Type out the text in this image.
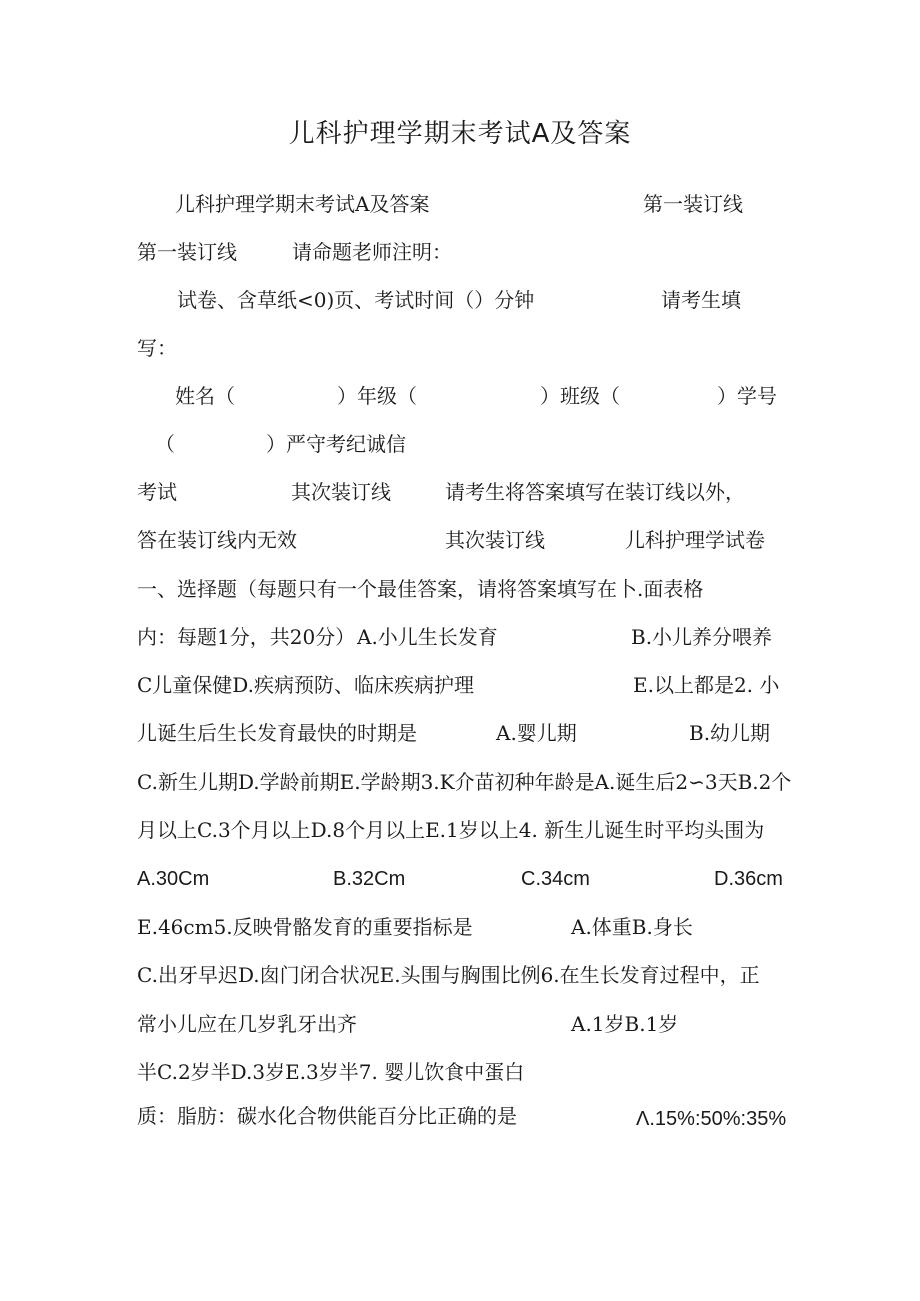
儿科护理学期末考试A及答案
儿科护理学期末考试A及答案	第一装订线
第一装订线	请命题老师注明：
试卷、含草纸<0)页、考试时间（）分钟	请考生填
写：
姓名（	）年级（	）班级（	）学号
（	）严守考纪诚信
考试	其次装订线	请考生将答案填写在装订线以外，
答在装订线内无效	其次装订线	儿科护理学试卷
一、选择题（每题只有一个最佳答案，请将答案填写在卜.面表格
内：每题1分，共20分） A.小儿生长发育	B.小儿养分喂养
C儿童保健D.疾病预防、临床疾病护理	E.以上都是2. 小
儿诞生后生长发育最快的时期是	A.婴儿期	B.幼儿期
C.新生儿期D.学龄前期E.学龄期3.K介苗初种年龄是A.诞生后2∽3天B.2个
月以上C.3个月以上D.8个月以上E.1岁以上4. 新生儿诞生时平均头围为
A.30Cm	B.32Cm	C.34cm	D.36cm
E.46cm5.反映骨骼发育的重要指标是	A.体重B.身长
C.出牙早迟D.囱门闭合状况E.头围与胸围比例6.在生长发育过程中，正
常小儿应在几岁乳牙出齐	A.1岁B.1岁
半C.2岁半D.3岁E.3岁半7. 婴儿饮食中蛋白
质：脂肪：碳水化合物供能百分比正确的是	Λ.15%:50%:35%
